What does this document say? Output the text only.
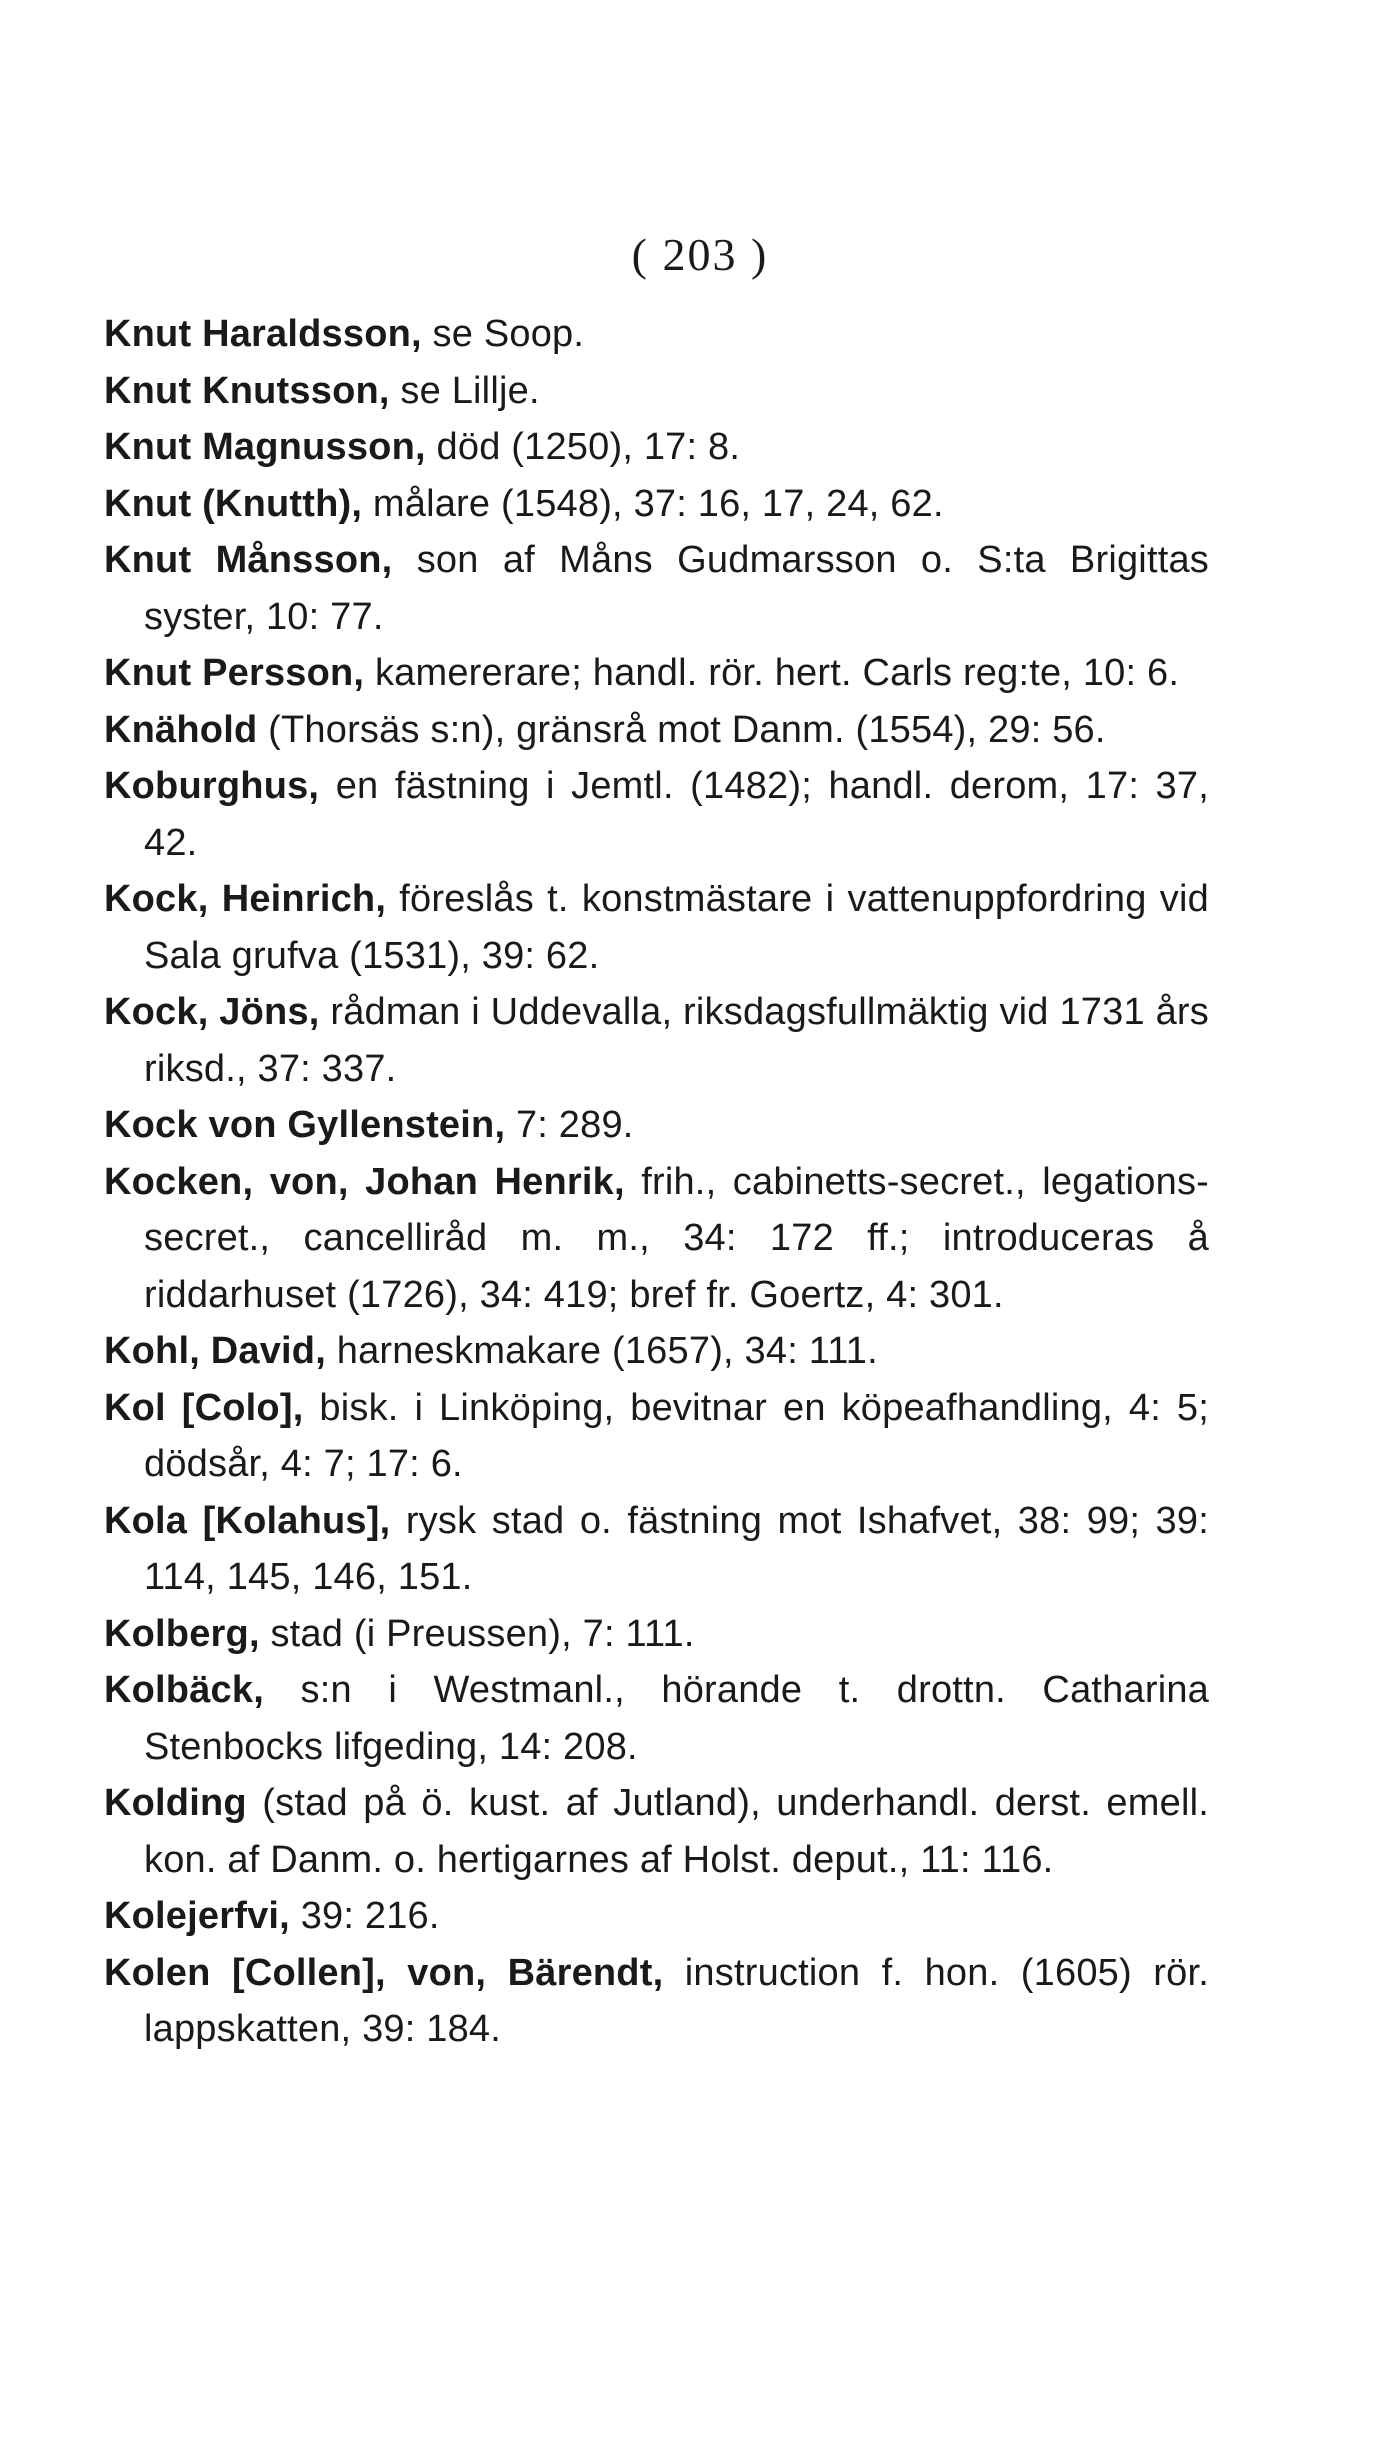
( 203 )
Knut Haraldsson, se Soop.
Knut Knutsson, se Lillje.
Knut Magnusson, död (1250), 17: 8.
Knut (Knutth), målare (1548), 37: 16, 17, 24, 62.
Knut Månsson, son af Måns Gudmarsson o. S:ta Brigittas syster, 10: 77.
Knut Persson, kamererare; handl. rör. hert. Carls reg:te, 10: 6.
Knähold (Thorsäs s:n), gränsrå mot Danm. (1554), 29: 56.
Koburghus, en fästning i Jemtl. (1482); handl. derom, 17: 37, 42.
Kock, Heinrich, föreslås t. konstmästare i vattenuppfordring vid Sala grufva (1531), 39: 62.
Kock, Jöns, rådman i Uddevalla, riksdagsfullmäktig vid 1731 års riksd., 37: 337.
Kock von Gyllenstein, 7: 289.
Kocken, von, Johan Henrik, frih., cabinetts-secret., legations-secret., cancelliråd m. m., 34: 172 ff.; introduceras å riddarhuset (1726), 34: 419; bref fr. Goertz, 4: 301.
Kohl, David, harneskmakare (1657), 34: 111.
Kol [Colo], bisk. i Linköping, bevitnar en köpeafhandling, 4: 5; dödsår, 4: 7; 17: 6.
Kola [Kolahus], rysk stad o. fästning mot Ishafvet, 38: 99; 39: 114, 145, 146, 151.
Kolberg, stad (i Preussen), 7: 111.
Kolbäck, s:n i Westmanl., hörande t. drottn. Catharina Stenbocks lifgeding, 14: 208.
Kolding (stad på ö. kust. af Jutland), underhandl. derst. emell. kon. af Danm. o. hertigarnes af Holst. deput., 11: 116.
Kolejerfvi, 39: 216.
Kolen [Collen], von, Bärendt, instruction f. hon. (1605) rör. lappskatten, 39: 184.
